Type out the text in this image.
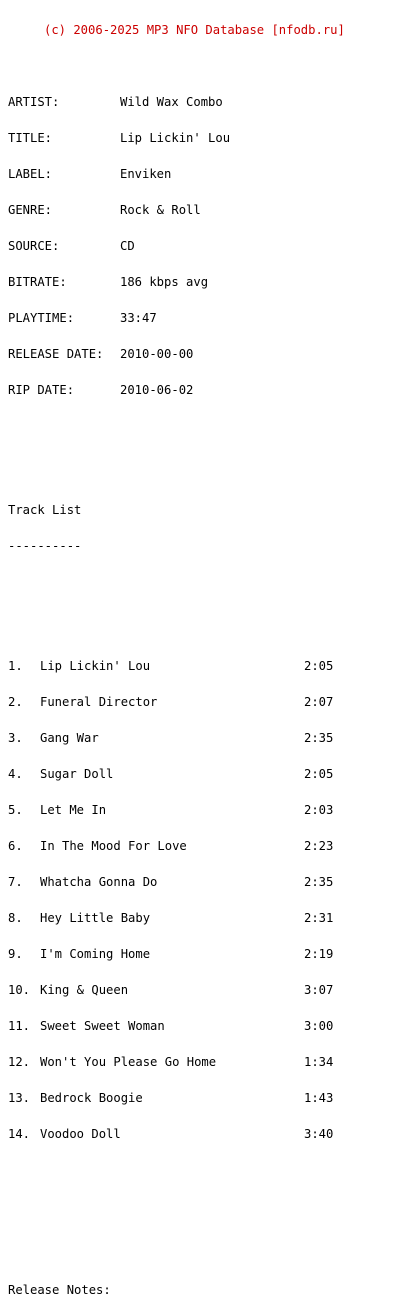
(c) 2006-2025 MP3 NFO Database [nfodb.ru]

ARTIST:	Wild Wax Combo

TITLE:	Lip Lickin' Lou

LABEL:	Enviken

GENRE:	Rock & Roll

SOURCE:	CD

BITRATE:	186 kbps avg

PLAYTIME:	33:47

RELEASE DATE: 2010-00-00

RIP DATE:	2010-06-02

Track List

----------

1. Lip Lickin' Lou	2:05

2. Funeral Director	2:07

3. Gang War	2:35

4. Sugar Doll	2:05

5. Let Me In	2:03

6. In The Mood For Love	2:23

7. Whatcha Gonna Do	2:35

8. Hey Little Baby	2:31

9. I'm Coming Home	2:19

10. King & Queen	3:07

11. Sweet Sweet Woman	3:00

12. Won't You Please Go Home	1:34

13. Bedrock Boogie	1:43

14. Voodoo Doll	3:40

Release Notes:
